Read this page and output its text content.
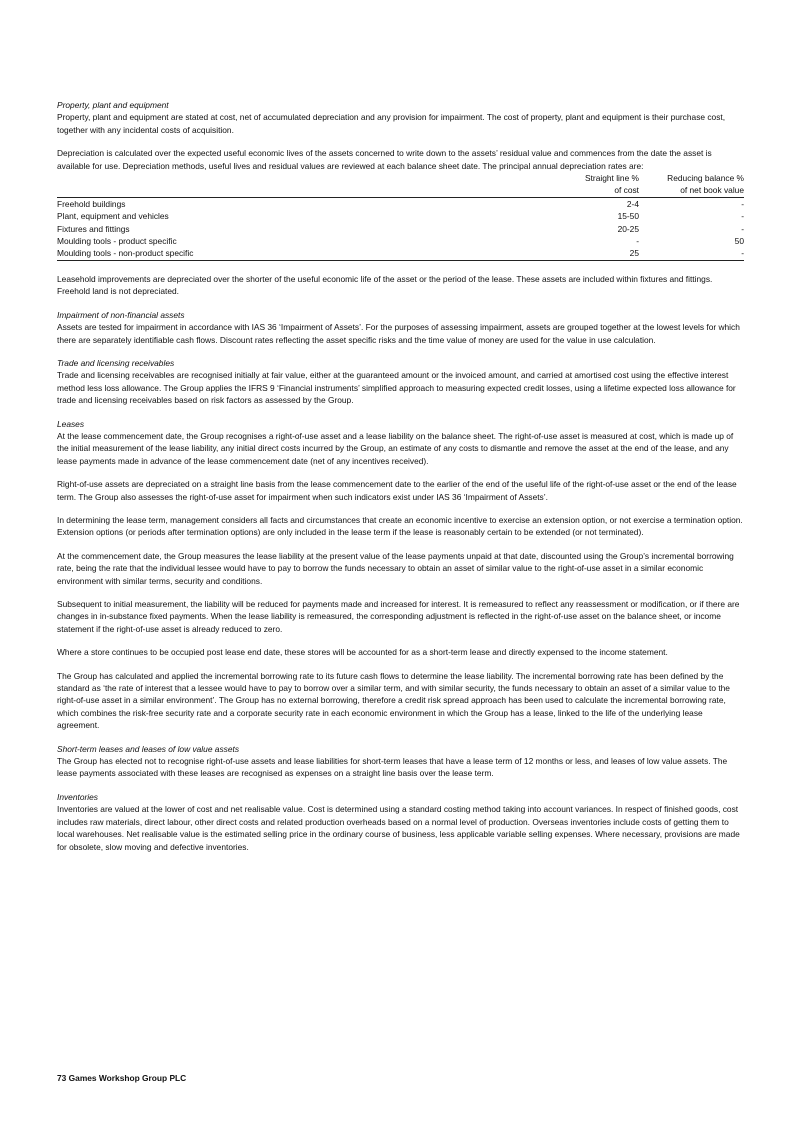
Property, plant and equipment

Property, plant and equipment are stated at cost, net of accumulated depreciation and any provision for impairment. The cost of property, plant and equipment is their purchase cost, together with any incidental costs of acquisition.

Depreciation is calculated over the expected useful economic lives of the assets concerned to write down to the assets’ residual value and commences from the date the asset is available for use. Depreciation methods, useful lives and residual values are reviewed at each balance sheet date. The principal annual depreciation rates are:

	Straight line %	Reducing balance %
	of cost	of net book value
Freehold buildings	2-4	-
Plant, equipment and vehicles	15-50	-
Fixtures and fittings	20-25	-
Moulding tools - product specific	-	50
Moulding tools - non-product specific	25	-

Leasehold improvements are depreciated over the shorter of the useful economic life of the asset or the period of the lease. These assets are included within fixtures and fittings. Freehold land is not depreciated.

Impairment of non-financial assets

Assets are tested for impairment in accordance with IAS 36 ‘Impairment of Assets’. For the purposes of assessing impairment, assets are grouped together at the lowest levels for which there are separately identifiable cash flows. Discount rates reflecting the asset specific risks and the time value of money are used for the value in use calculation.

Trade and licensing receivables

Trade and licensing receivables are recognised initially at fair value, either at the guaranteed amount or the invoiced amount, and carried at amortised cost using the effective interest method less loss allowance. The Group applies the IFRS 9 ‘Financial instruments’ simplified approach to measuring expected credit losses, using a lifetime expected loss allowance for trade and licensing receivables based on risk factors as assessed by the Group.

Leases

At the lease commencement date, the Group recognises a right-of-use asset and a lease liability on the balance sheet. The right-of-use asset is measured at cost, which is made up of the initial measurement of the lease liability, any initial direct costs incurred by the Group, an estimate of any costs to dismantle and remove the asset at the end of the lease, and any lease payments made in advance of the lease commencement date (net of any incentives received).

Right-of-use assets are depreciated on a straight line basis from the lease commencement date to the earlier of the end of the useful life of the right-of-use asset or the end of the lease term. The Group also assesses the right-of-use asset for impairment when such indicators exist under IAS 36 ‘Impairment of Assets’.

In determining the lease term, management considers all facts and circumstances that create an economic incentive to exercise an extension option, or not exercise a termination option. Extension options (or periods after termination options) are only included in the lease term if the lease is reasonably certain to be extended (or not terminated).

At the commencement date, the Group measures the lease liability at the present value of the lease payments unpaid at that date, discounted using the Group’s incremental borrowing rate, being the rate that the individual lessee would have to pay to borrow the funds necessary to obtain an asset of similar value to the right-of-use asset in a similar economic environment with similar terms, security and conditions.

Subsequent to initial measurement, the liability will be reduced for payments made and increased for interest. It is remeasured to reflect any reassessment or modification, or if there are changes in in-substance fixed payments. When the lease liability is remeasured, the corresponding adjustment is reflected in the right-of-use asset on the balance sheet, or income statement if the right-of-use asset is already reduced to zero.

Where a store continues to be occupied post lease end date, these stores will be accounted for as a short-term lease and directly expensed to the income statement.

The Group has calculated and applied the incremental borrowing rate to its future cash flows to determine the lease liability. The incremental borrowing rate has been defined by the standard as ‘the rate of interest that a lessee would have to pay to borrow over a similar term, and with similar security, the funds necessary to obtain an asset of a similar value to the right-of-use asset in a similar environment’. The Group has no external borrowing, therefore a credit risk spread approach has been used to calculate the incremental borrowing rate, which combines the risk-free security rate and a corporate security rate in each economic environment in which the Group has a lease, linked to the life of the underlying lease agreement.

Short-term leases and leases of low value assets

The Group has elected not to recognise right-of-use assets and lease liabilities for short-term leases that have a lease term of 12 months or less, and leases of low value assets. The lease payments associated with these leases are recognised as expenses on a straight line basis over the lease term.

Inventories

Inventories are valued at the lower of cost and net realisable value. Cost is determined using a standard costing method taking into account variances. In respect of finished goods, cost includes raw materials, direct labour, other direct costs and related production overheads based on a normal level of production. Overseas inventories include costs of getting them to local warehouses. Net realisable value is the estimated selling price in the ordinary course of business, less applicable variable selling expenses. Where necessary, provisions are made for obsolete, slow moving and defective inventories.

73 Games Workshop Group PLC
